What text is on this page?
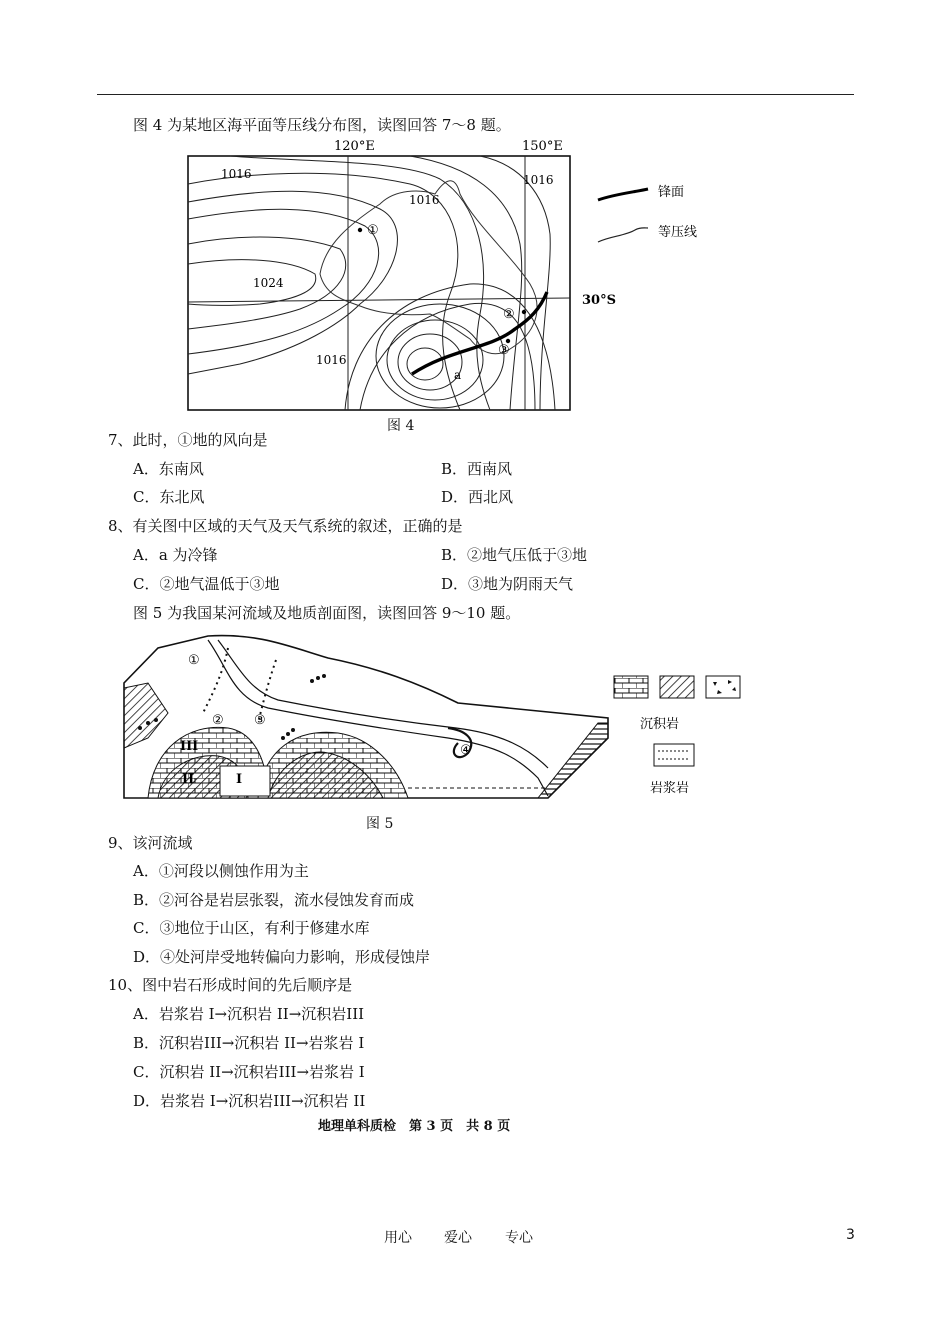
图 4 为某地区海平面等压线分布图，读图回答 7～8 题。
120°E	150°E
30°S
1016
1016
1016
1024
1016
①
②
③
a
锋面
等压线
图 4
7、此时，①地的风向是
A．东南风	B．西南风
C．东北风	D．西北风
8、有关图中区域的天气及天气系统的叙述，正确的是
A．a 为冷锋	B．②地气压低于③地
C．②地气温低于③地	D．③地为阴雨天气
图 5 为我国某河流域及地质剖面图，读图回答 9～10 题。
①
② ③
④
I
II
III
沉积岩
岩浆岩
图 5
9、该河流域
A．①河段以侧蚀作用为主
B．②河谷是岩层张裂，流水侵蚀发育而成
C．③地位于山区，有利于修建水库
D．④处河岸受地转偏向力影响，形成侵蚀岸
10、图中岩石形成时间的先后顺序是
A．岩浆岩 I→沉积岩 II→沉积岩III
B．沉积岩III→沉积岩 II→岩浆岩 I
C．沉积岩 II→沉积岩III→岩浆岩 I
D．岩浆岩 I→沉积岩III→沉积岩 II
地理单科质检　第 3 页　共 8 页
用心 爱心 专心	3
